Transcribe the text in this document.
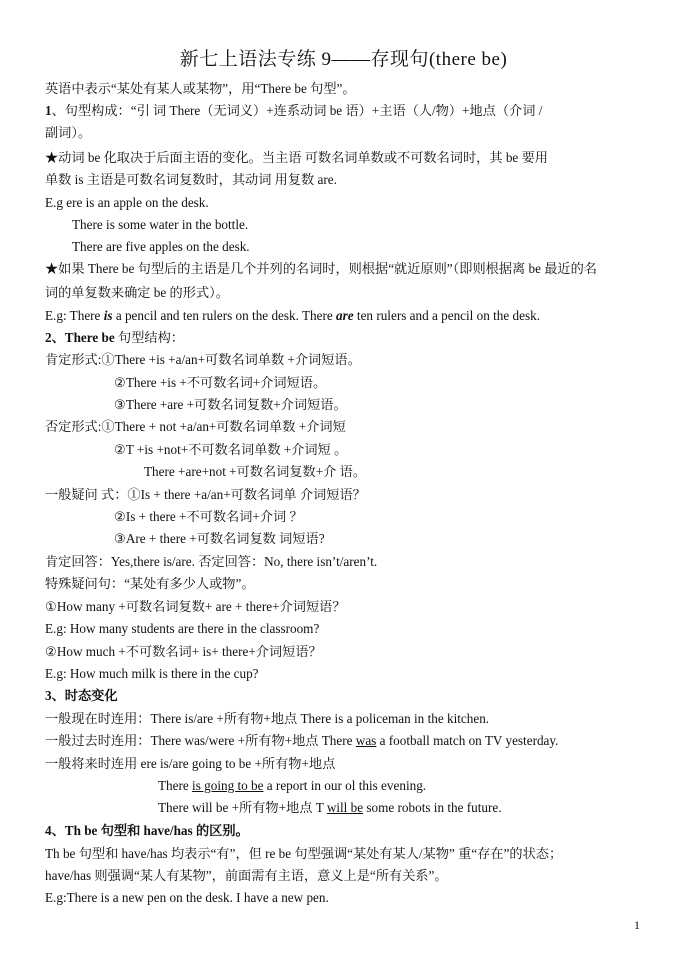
新七上语法专练 9——存现句(there be)
英语中表示“某处有某人或某物”，用“There be 句型”。
1、句型构成：“引 词 There（无词义）+连系动词 be 语）+主语（人/物）+地点（介词 /
副词）。
★动词 be 化取决于后面主语的变化。当主语 可数名词单数或不可数名词时，其 be 要用
单数 is 主语是可数名词复数时，其动词 用复数 are.
E.g ere is an apple on the desk.
There is some water in the bottle.
There are five apples on the desk.
★如果 There be 句型后的主语是几个并列的名词时，则根据“就近原则”（即则根据离 be 最近的名
词的单复数来确定 be 的形式）。
E.g: There is a pencil and ten rulers on the desk. There are ten rulers and a pencil on the desk.
2、There be 句型结构：
肯定形式:①There +is +a/an+可数名词单数 +介词短语。
②There +is +不可数名词+介词短语。
③There +are +可数名词复数+介词短语。
否定形式:①There + not +a/an+可数名词单数 +介词短
②T +is +not+不可数名词单数 +介词短 。
There +are+not +可数名词复数+介 语。
一般疑问 式：①Is + there +a/an+可数名词单 介词短语？
②Is + there +不可数名词+介词 ？
③Are + there +可数名词复数 词短语?
肯定回答：Yes,there is/are. 否定回答：No, there isn’t/aren’t.
特殊疑问句：“某处有多少人或物”。
①How many +可数名词复数+ are + there+介词短语？
E.g: How many students are there in the classroom?
②How much +不可数名词+ is+ there+介词短语？
E.g: How much milk is there in the cup?
3、时态变化
一般现在时连用：There is/are +所有物+地点 There is a policeman in the kitchen.
一般过去时连用：There was/were +所有物+地点 There was a football match on TV yesterday.
一般将来时连用 ere is/are going to be +所有物+地点
There is going to be a report in our ol this evening.
There will be +所有物+地点 T will be some robots in the future.
4、Th be 句型和 have/has 的区别。
Th be 句型和 have/has 均表示“有”，但 re be 句型强调“某处有某人/某物” 重“存在”的状态；
have/has 则强调“某人有某物”，前面需有主语，意义上是“所有关系”。
E.g:There is a new pen on the desk. I have a new pen.
1
